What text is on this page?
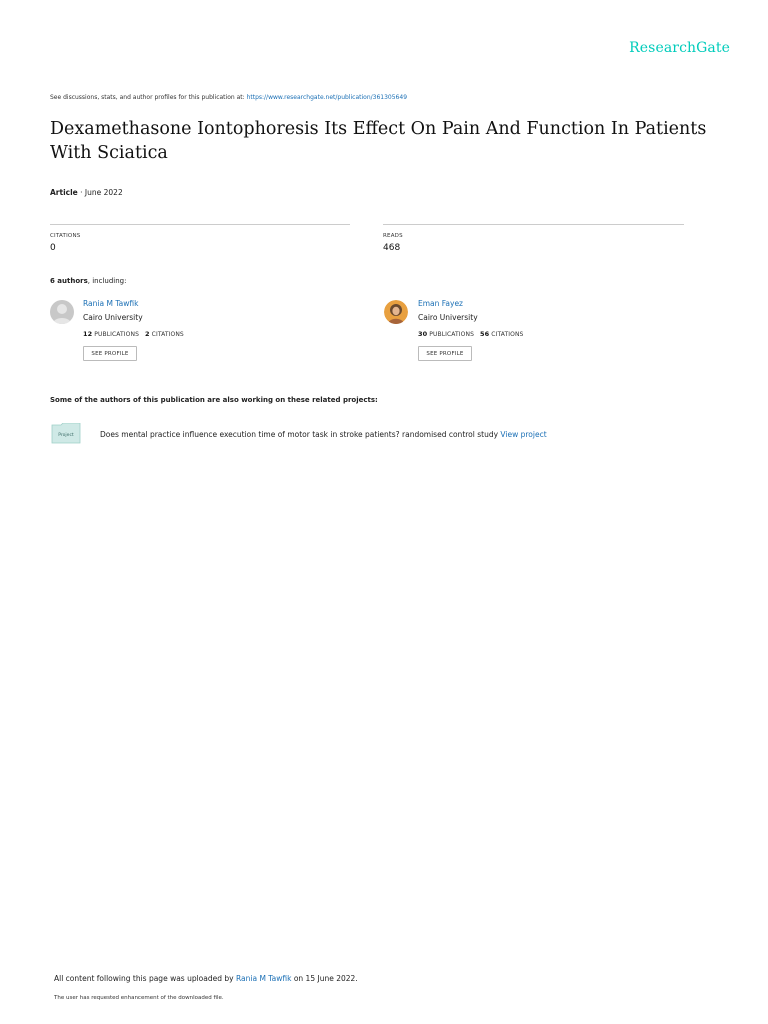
ResearchGate
See discussions, stats, and author profiles for this publication at: https://www.researchgate.net/publication/361305649
Dexamethasone Iontophoresis Its Effect On Pain And Function In Patients With Sciatica
Article · June 2022
CITATIONS
0
READS
468
6 authors, including:
Rania M Tawfik
Cairo University
12 PUBLICATIONS 2 CITATIONS
SEE PROFILE
Eman Fayez
Cairo University
30 PUBLICATIONS 56 CITATIONS
SEE PROFILE
Some of the authors of this publication are also working on these related projects:
Project	Does mental practice influence execution time of motor task in stroke patients? randomised control study View project
All content following this page was uploaded by Rania M Tawfik on 15 June 2022.
The user has requested enhancement of the downloaded file.
